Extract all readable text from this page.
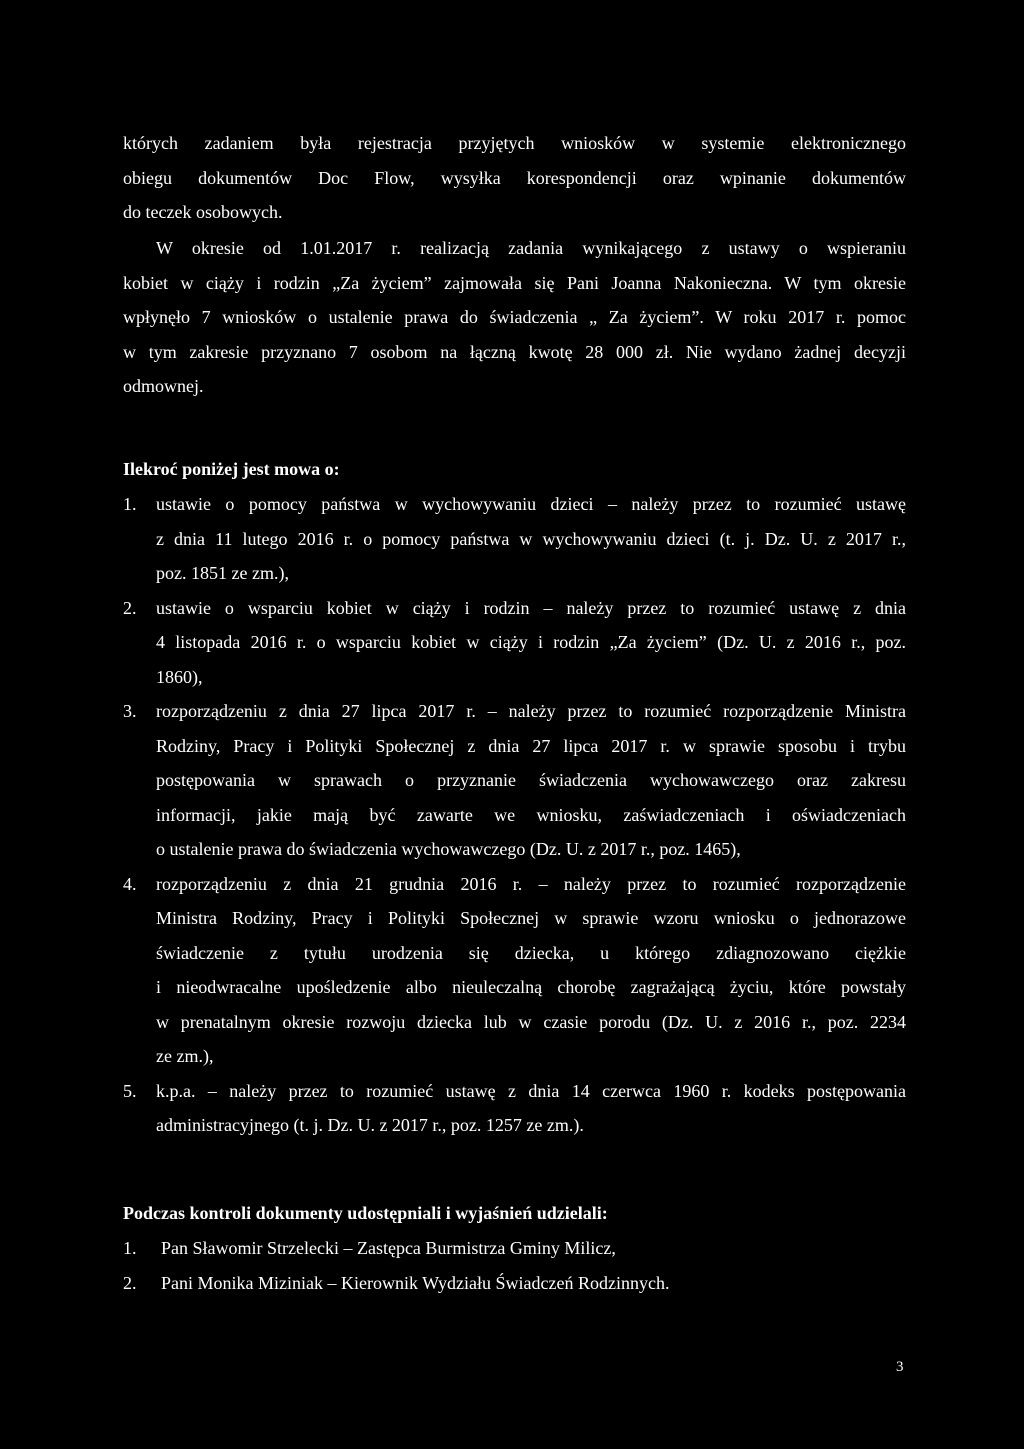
których zadaniem była rejestracja przyjętych wniosków w systemie elektronicznego
obiegu dokumentów Doc Flow, wysyłka korespondencji oraz wpinanie dokumentów
do teczek osobowych.
W okresie od 1.01.2017 r. realizacją zadania wynikającego z ustawy o wspieraniu
kobiet w ciąży i rodzin „Za życiem” zajmowała się Pani Joanna Nakonieczna. W tym okresie
wpłynęło 7 wniosków o ustalenie prawa do świadczenia „ Za życiem”. W roku 2017 r. pomoc
w tym zakresie przyznano 7 osobom na łączną kwotę 28 000 zł. Nie wydano żadnej decyzji
odmownej.
Ilekroć poniżej jest mowa o:
1. ustawie o pomocy państwa w wychowywaniu dzieci – należy przez to rozumieć ustawę
z dnia 11 lutego 2016 r. o pomocy państwa w wychowywaniu dzieci (t. j. Dz. U. z 2017 r.,
poz. 1851 ze zm.),
2. ustawie o wsparciu kobiet w ciąży i rodzin – należy przez to rozumieć ustawę z dnia
4 listopada 2016 r. o wsparciu kobiet w ciąży i rodzin „Za życiem” (Dz. U. z 2016 r., poz.
1860),
3. rozporządzeniu z dnia 27 lipca 2017 r. – należy przez to rozumieć rozporządzenie Ministra
Rodziny, Pracy i Polityki Społecznej z dnia 27 lipca 2017 r. w sprawie sposobu i trybu
postępowania w sprawach o przyznanie świadczenia wychowawczego oraz zakresu
informacji, jakie mają być zawarte we wniosku, zaświadczeniach i oświadczeniach
o ustalenie prawa do świadczenia wychowawczego (Dz. U. z 2017 r., poz. 1465),
4. rozporządzeniu z dnia 21 grudnia 2016 r. – należy przez to rozumieć rozporządzenie
Ministra Rodziny, Pracy i Polityki Społecznej w sprawie wzoru wniosku o jednorazowe
świadczenie z tytułu urodzenia się dziecka, u którego zdiagnozowano ciężkie
i nieodwracalne upośledzenie albo nieuleczalną chorobę zagrażającą życiu, które powstały
w prenatalnym okresie rozwoju dziecka lub w czasie porodu (Dz. U. z 2016 r., poz. 2234
ze zm.),
5. k.p.a. – należy przez to rozumieć ustawę z dnia 14 czerwca 1960 r. kodeks postępowania
administracyjnego (t. j. Dz. U. z 2017 r., poz. 1257 ze zm.).
Podczas kontroli dokumenty udostępniali i wyjaśnień udzielali:
1. Pan Sławomir Strzelecki – Zastępca Burmistrza Gminy Milicz,
2. Pani Monika Miziniak – Kierownik Wydziału Świadczeń Rodzinnych.
3
